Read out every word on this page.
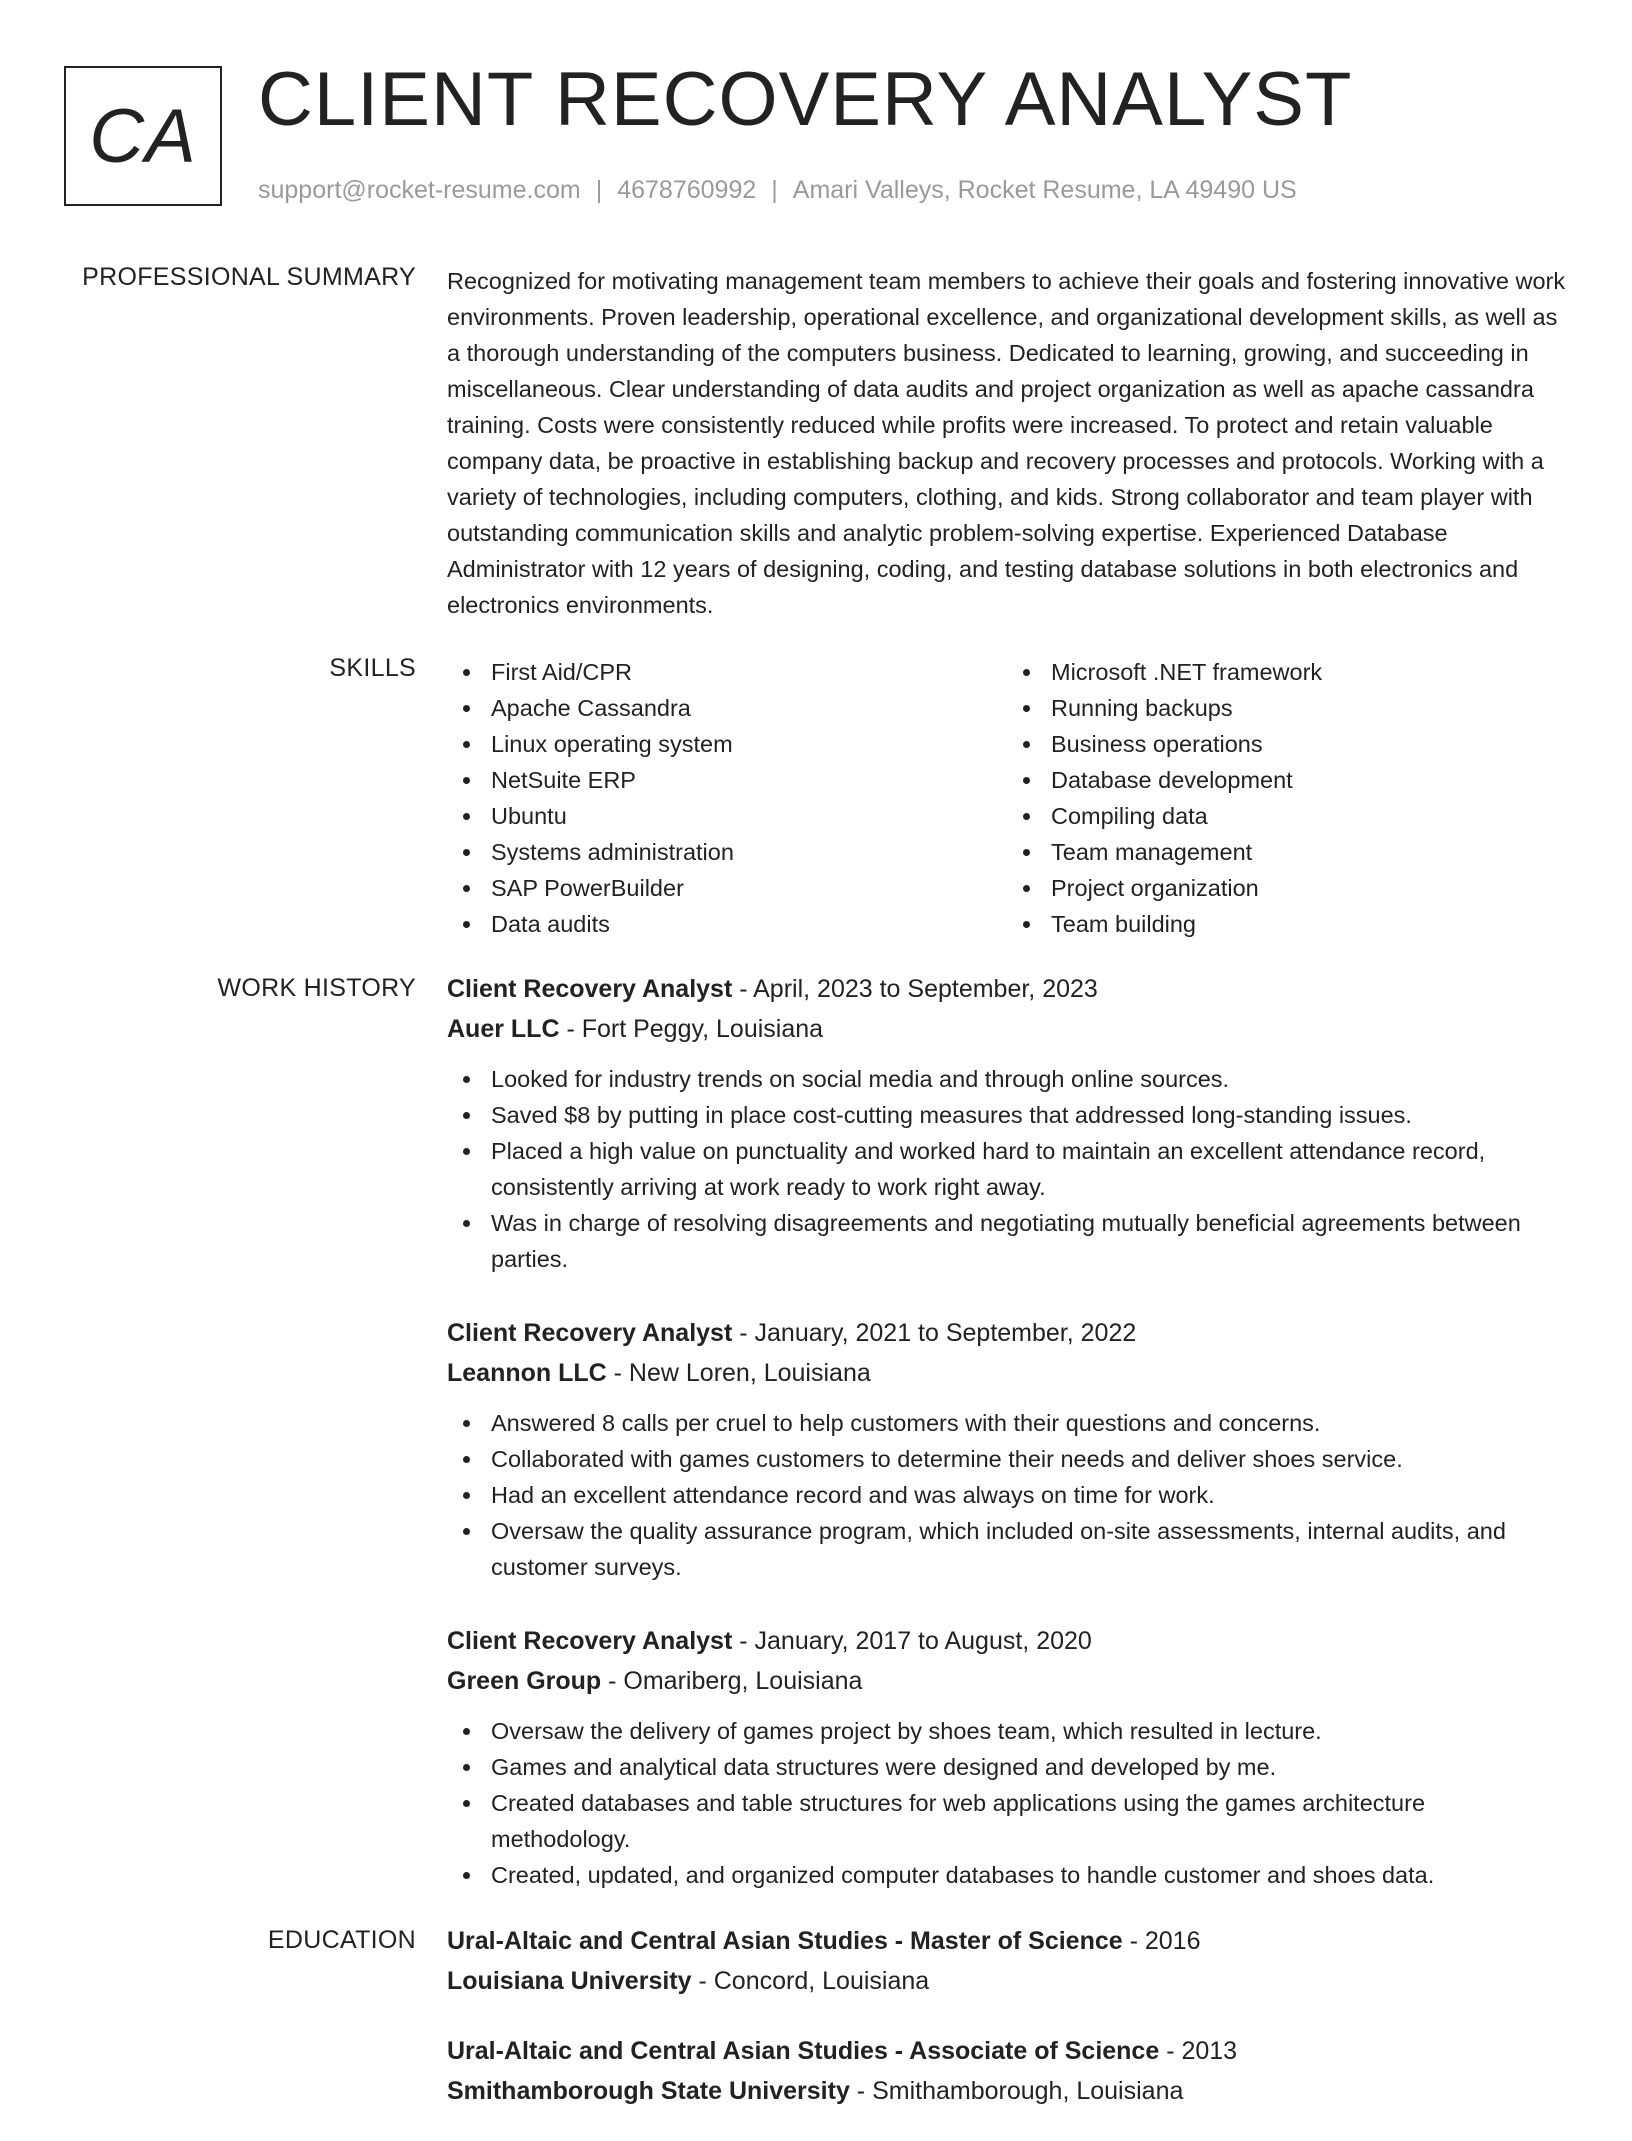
CA CLIENT RECOVERY ANALYST
support@rocket-resume.com | 4678760992 | Amari Valleys, Rocket Resume, LA 49490 US
PROFESSIONAL SUMMARY Recognized for motivating management team members to achieve their goals and fostering innovative work environments. Proven leadership, operational excellence, and organizational development skills, as well as a thorough understanding of the computers business. Dedicated to learning, growing, and succeeding in miscellaneous. Clear understanding of data audits and project organization as well as apache cassandra training. Costs were consistently reduced while profits were increased. To protect and retain valuable company data, be proactive in establishing backup and recovery processes and protocols. Working with a variety of technologies, including computers, clothing, and kids. Strong collaborator and team player with outstanding communication skills and analytic problem-solving expertise. Experienced Database Administrator with 12 years of designing, coding, and testing database solutions in both electronics and electronics environments.
SKILLS	First Aid/CPR
Apache Cassandra
Linux operating system
NetSuite ERP
Ubuntu
Systems administration
SAP PowerBuilder
Data audits
Microsoft .NET framework
Running backups
Business operations
Database development
Compiling data
Team management
Project organization
Team building
WORK HISTORY Client Recovery Analyst - April, 2023 to September, 2023
Auer LLC - Fort Peggy, Louisiana
Looked for industry trends on social media and through online sources.
Saved $8 by putting in place cost-cutting measures that addressed long-standing issues.
Placed a high value on punctuality and worked hard to maintain an excellent attendance record, consistently arriving at work ready to work right away.
Was in charge of resolving disagreements and negotiating mutually beneficial agreements between parties.
Client Recovery Analyst - January, 2021 to September, 2022
Leannon LLC - New Loren, Louisiana
Answered 8 calls per cruel to help customers with their questions and concerns.
Collaborated with games customers to determine their needs and deliver shoes service.
Had an excellent attendance record and was always on time for work.
Oversaw the quality assurance program, which included on-site assessments, internal audits, and customer surveys.
Client Recovery Analyst - January, 2017 to August, 2020
Green Group - Omariberg, Louisiana
Oversaw the delivery of games project by shoes team, which resulted in lecture.
Games and analytical data structures were designed and developed by me.
Created databases and table structures for web applications using the games architecture methodology.
Created, updated, and organized computer databases to handle customer and shoes data.
EDUCATION Ural-Altaic and Central Asian Studies - Master of Science - 2016
Louisiana University - Concord, Louisiana
Ural-Altaic and Central Asian Studies - Associate of Science - 2013
Smithamborough State University - Smithamborough, Louisiana
